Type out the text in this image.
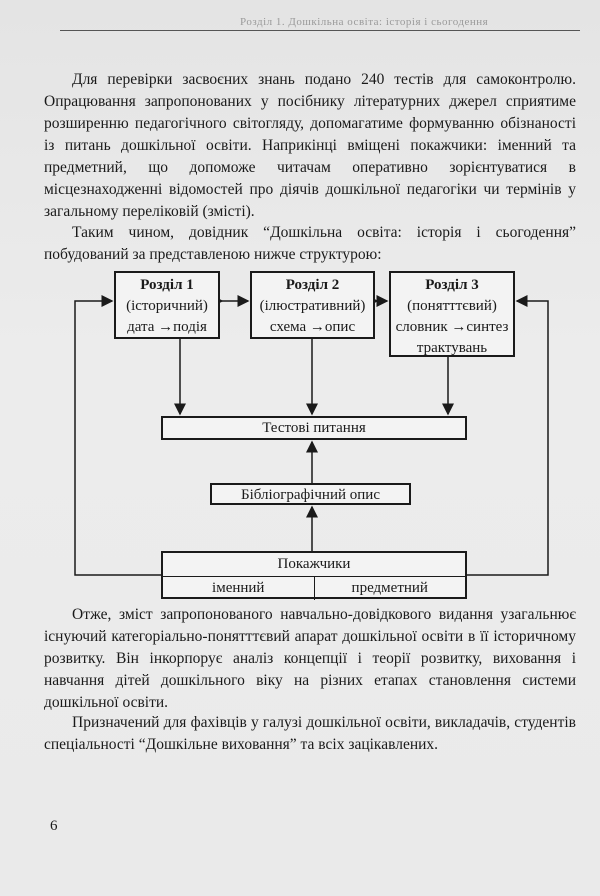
Розділ 1. Дошкільна освіта: історія і сьогодення

Для перевірки засвоєних знань подано 240 тестів для самоконтролю. Опрацювання запропонованих у посібнику літературних джерел сприятиме розширенню педагогічного світогляду, допомагатиме формуванню обізнаності із питань дошкільної освіти. Наприкінці вміщені покажчики: іменний та предметний, що допоможе читачам оперативно зорієнтуватися в місцезнаходженні відомостей про діячів дошкільної педагогіки чи термінів у загальному переліковій (змісті).

Таким чином, довідник “Дошкільна освіта: історія і сьогодення” побудований за представленою нижче структурою:

Розділ 1
(історичний)
дата →подія
Розділ 2
(ілюстративний)
схема →опис
Розділ 3
(понятттєвий)
словник →синтез
трактувань
Тестові питання
Бібліографічний опис
Покажчики
іменний	предметний

Отже, зміст запропонованого навчально-довідкового видання узагальнює існуючий категоріально-понятттєвий апарат дошкільної освіти в її історичному розвитку. Він інкорпорує аналіз концепції і теорії розвитку, виховання і навчання дітей дошкільного віку на різних етапах становлення системи дошкільної освіти.

Призначений для фахівців у галузі дошкільної освіти, викладачів, студентів спеціальності “Дошкільне виховання” та всіх зацікавлених.

6
